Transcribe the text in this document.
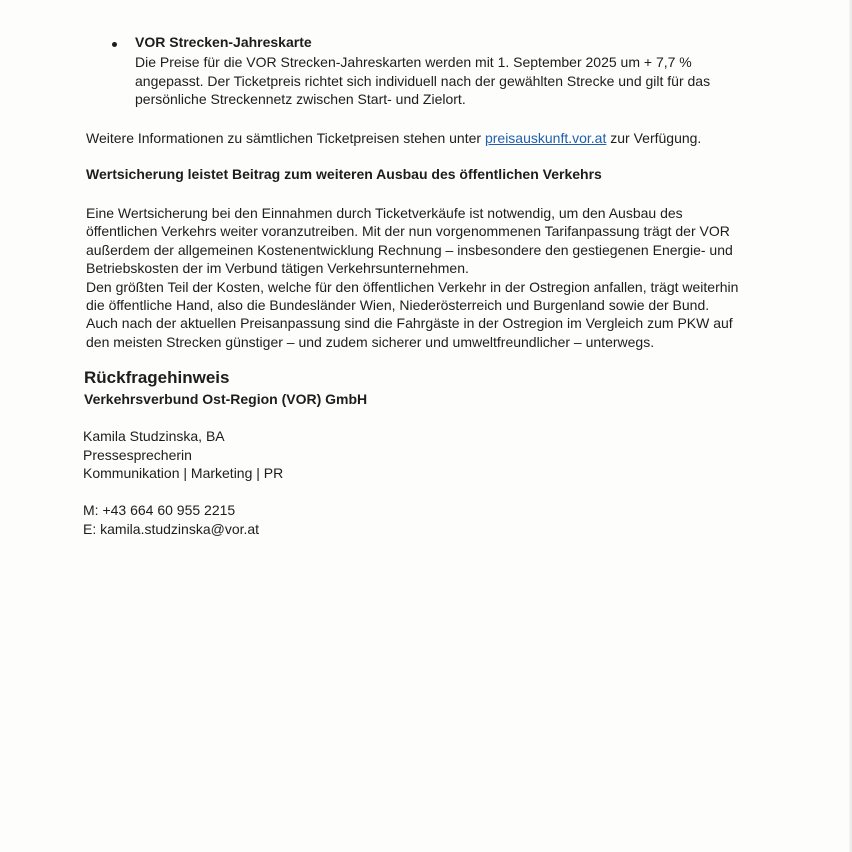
VOR Strecken-Jahreskarte
Die Preise für die VOR Strecken-Jahreskarten werden mit 1. September 2025 um + 7,7 %
angepasst. Der Ticketpreis richtet sich individuell nach der gewählten Strecke und gilt für das
persönliche Streckennetz zwischen Start- und Zielort.
Weitere Informationen zu sämtlichen Ticketpreisen stehen unter preisauskunft.vor.at zur Verfügung.
Wertsicherung leistet Beitrag zum weiteren Ausbau des öffentlichen Verkehrs
Eine Wertsicherung bei den Einnahmen durch Ticketverkäufe ist notwendig, um den Ausbau des
öffentlichen Verkehrs weiter voranzutreiben. Mit der nun vorgenommenen Tarifanpassung trägt der VOR
außerdem der allgemeinen Kostenentwicklung Rechnung – insbesondere den gestiegenen Energie- und
Betriebskosten der im Verbund tätigen Verkehrsunternehmen.
Den größten Teil der Kosten, welche für den öffentlichen Verkehr in der Ostregion anfallen, trägt weiterhin
die öffentliche Hand, also die Bundesländer Wien, Niederösterreich und Burgenland sowie der Bund.
Auch nach der aktuellen Preisanpassung sind die Fahrgäste in der Ostregion im Vergleich zum PKW auf
den meisten Strecken günstiger – und zudem sicherer und umweltfreundlicher – unterwegs.
Rückfragehinweis
Verkehrsverbund Ost-Region (VOR) GmbH
Kamila Studzinska, BA
Pressesprecherin
Kommunikation | Marketing | PR
M: +43 664 60 955 2215
E: kamila.studzinska@vor.at
